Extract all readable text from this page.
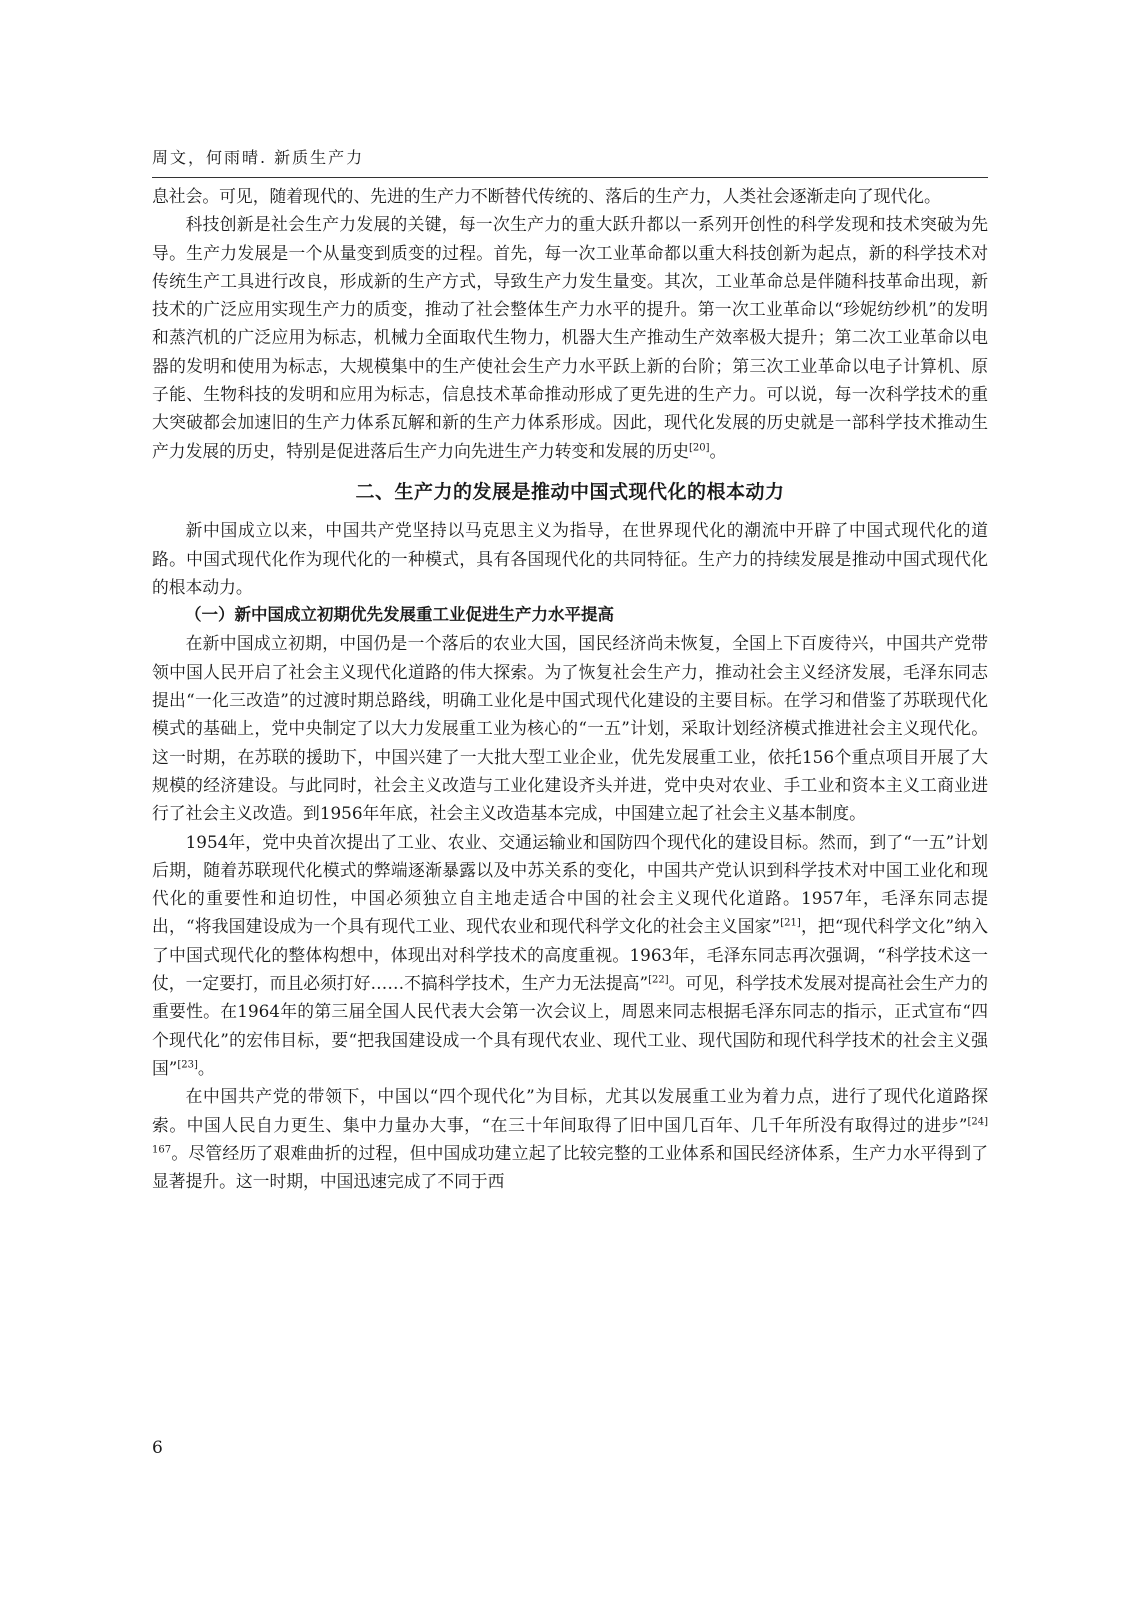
周文，何雨晴. 新质生产力

息社会。可见，随着现代的、先进的生产力不断替代传统的、落后的生产力，人类社会逐渐走向了现代化。

科技创新是社会生产力发展的关键，每一次生产力的重大跃升都以一系列开创性的科学发现和技术突破为先导。生产力发展是一个从量变到质变的过程。首先，每一次工业革命都以重大科技创新为起点，新的科学技术对传统生产工具进行改良，形成新的生产方式，导致生产力发生量变。其次，工业革命总是伴随科技革命出现，新技术的广泛应用实现生产力的质变，推动了社会整体生产力水平的提升。第一次工业革命以“珍妮纺纱机”的发明和蒸汽机的广泛应用为标志，机械力全面取代生物力，机器大生产推动生产效率极大提升；第二次工业革命以电器的发明和使用为标志，大规模集中的生产使社会生产力水平跃上新的台阶；第三次工业革命以电子计算机、原子能、生物科技的发明和应用为标志，信息技术革命推动形成了更先进的生产力。可以说，每一次科学技术的重大突破都会加速旧的生产力体系瓦解和新的生产力体系形成。因此，现代化发展的历史就是一部科学技术推动生产力发展的历史，特别是促进落后生产力向先进生产力转变和发展的历史[20]。

二、生产力的发展是推动中国式现代化的根本动力

新中国成立以来，中国共产党坚持以马克思主义为指导，在世界现代化的潮流中开辟了中国式现代化的道路。中国式现代化作为现代化的一种模式，具有各国现代化的共同特征。生产力的持续发展是推动中国式现代化的根本动力。

（一）新中国成立初期优先发展重工业促进生产力水平提高

在新中国成立初期，中国仍是一个落后的农业大国，国民经济尚未恢复，全国上下百废待兴，中国共产党带领中国人民开启了社会主义现代化道路的伟大探索。为了恢复社会生产力，推动社会主义经济发展，毛泽东同志提出“一化三改造”的过渡时期总路线，明确工业化是中国式现代化建设的主要目标。在学习和借鉴了苏联现代化模式的基础上，党中央制定了以大力发展重工业为核心的“一五”计划，采取计划经济模式推进社会主义现代化。这一时期，在苏联的援助下，中国兴建了一大批大型工业企业，优先发展重工业，依托156个重点项目开展了大规模的经济建设。与此同时，社会主义改造与工业化建设齐头并进，党中央对农业、手工业和资本主义工商业进行了社会主义改造。到1956年年底，社会主义改造基本完成，中国建立起了社会主义基本制度。

1954年，党中央首次提出了工业、农业、交通运输业和国防四个现代化的建设目标。然而，到了“一五”计划后期，随着苏联现代化模式的弊端逐渐暴露以及中苏关系的变化，中国共产党认识到科学技术对中国工业化和现代化的重要性和迫切性，中国必须独立自主地走适合中国的社会主义现代化道路。1957年，毛泽东同志提出，“将我国建设成为一个具有现代工业、现代农业和现代科学文化的社会主义国家”[21]，把“现代科学文化”纳入了中国式现代化的整体构想中，体现出对科学技术的高度重视。1963年，毛泽东同志再次强调，“科学技术这一仗，一定要打，而且必须打好……不搞科学技术，生产力无法提高”[22]。可见，科学技术发展对提高社会生产力的重要性。在1964年的第三届全国人民代表大会第一次会议上，周恩来同志根据毛泽东同志的指示，正式宣布“四个现代化”的宏伟目标，要“把我国建设成一个具有现代农业、现代工业、现代国防和现代科学技术的社会主义强国”[23]。

在中国共产党的带领下，中国以“四个现代化”为目标，尤其以发展重工业为着力点，进行了现代化道路探索。中国人民自力更生、集中力量办大事，“在三十年间取得了旧中国几百年、几千年所没有取得过的进步”$^{[24] 167}$。尽管经历了艰难曲折的过程，但中国成功建立起了比较完整的工业体系和国民经济体系，生产力水平得到了显著提升。这一时期，中国迅速完成了不同于西

6
